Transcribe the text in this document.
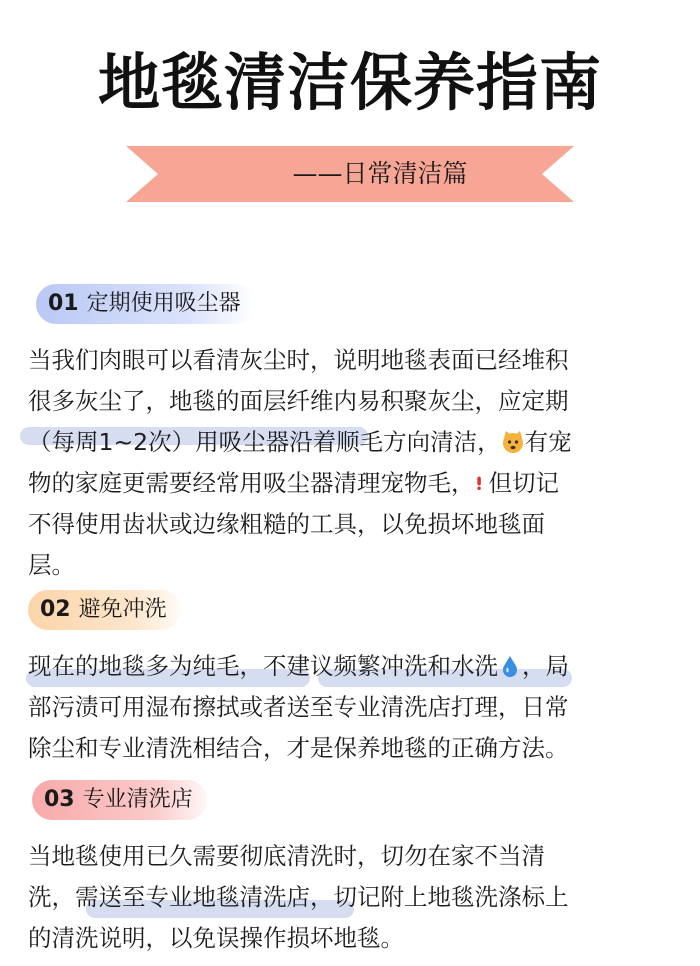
地毯清洁保养指南
——日常清洁篇
01 定期使用吸尘器
当我们肉眼可以看清灰尘时，说明地毯表面已经堆积
很多灰尘了，地毯的面层纤维内易积聚灰尘，应定期
（每周1~2次）用吸尘器沿着顺毛方向清洁， 有宠
物的家庭更需要经常用吸尘器清理宠物毛， 但切记
不得使用齿状或边缘粗糙的工具，以免损坏地毯面
层。
02 避免冲洗
现在的地毯多为纯毛，不建议频繁冲洗和水洗 ，局
部污渍可用湿布擦拭或者送至专业清洗店打理，日常
除尘和专业清洗相结合，才是保养地毯的正确方法。
03 专业清洗店
当地毯使用已久需要彻底清洗时，切勿在家不当清
洗，需送至专业地毯清洗店，切记附上地毯洗涤标上
的清洗说明，以免误操作损坏地毯。
